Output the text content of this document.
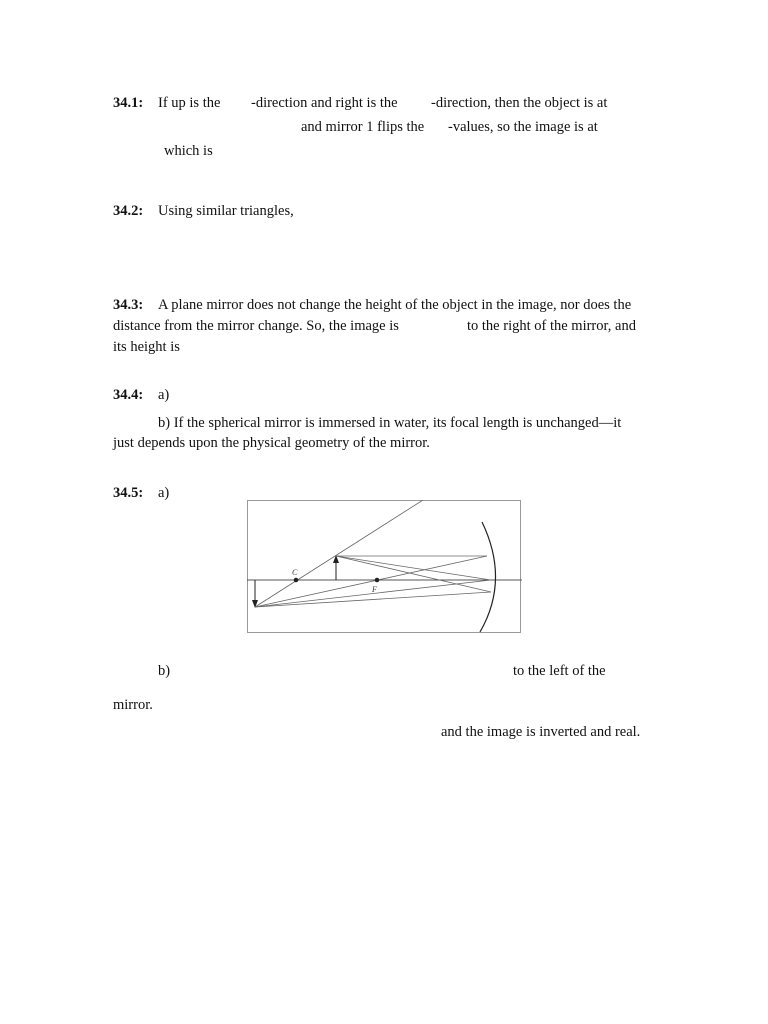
34.1: If up is the -direction and right is the -direction, then the object is at
and mirror 1 flips the -values, so the image is at
which is
34.2: Using similar triangles,
34.3: A plane mirror does not change the height of the object in the image, nor does the
distance from the mirror change. So, the image is	to the right of the mirror, and
its height is
34.4: a)
b) If the spherical mirror is immersed in water, its focal length is unchanged—it
just depends upon the physical geometry of the mirror.
34.5: a)
C
F
b)	to the left of the
mirror.
and the image is inverted and real.
